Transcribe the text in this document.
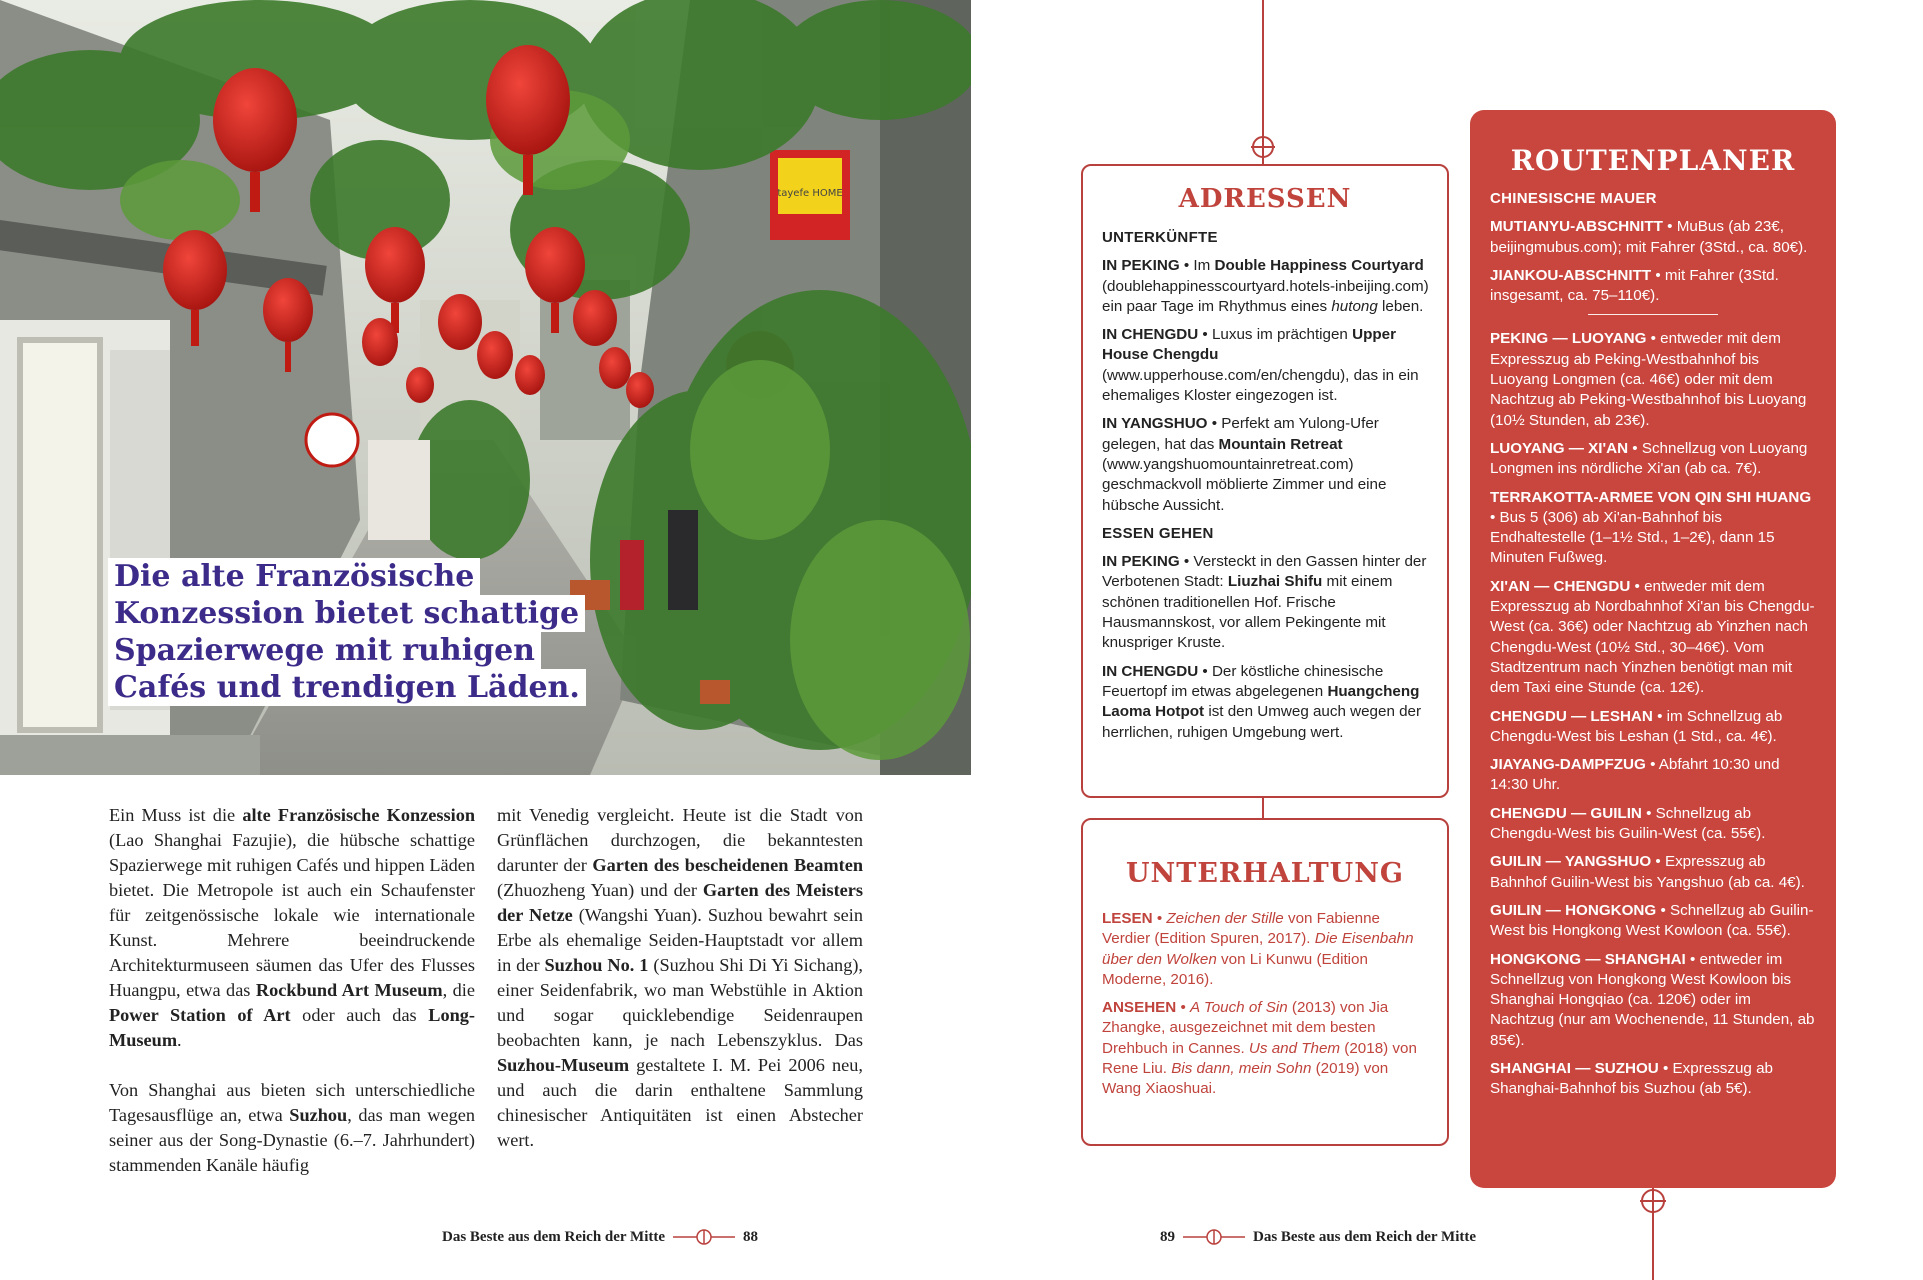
tayefe HOME
Die alte Französische
Konzession bietet schattige
Spazierwege mit ruhigen
Cafés und trendigen Läden.

Ein Muss ist die alte Französische Konzession (Lao Shanghai Fazujie), die hübsche schattige Spazierwege mit ruhigen Cafés und hippen Läden bietet. Die Metropole ist auch ein Schaufenster für zeitgenössische lokale wie internationale Kunst. Mehrere beeindruckende Architekturmuseen säumen das Ufer des Flusses Huangpu, etwa das Rockbund Art Museum, die Power Station of Art oder auch das Long-Museum.

Von Shanghai aus bieten sich unterschiedliche Tagesausflüge an, etwa Suzhou, das man wegen seiner aus der Song-Dynastie (6.–7. Jahrhundert) stammenden Kanäle häufig

mit Venedig vergleicht. Heute ist die Stadt von Grünflächen durchzogen, die bekanntesten darunter der Garten des bescheidenen Beamten (Zhuozheng Yuan) und der Garten des Meisters der Netze (Wangshi Yuan). Suzhou bewahrt sein Erbe als ehemalige Seiden-Hauptstadt vor allem in der Suzhou No. 1 (Suzhou Shi Di Yi Sichang), einer Seidenfabrik, wo man Webstühle in Aktion und sogar quicklebendige Seidenraupen beobachten kann, je nach Lebenszyklus. Das Suzhou-Museum gestaltete I. M. Pei 2006 neu, und auch die darin enthaltene Sammlung chinesischer Antiquitäten ist einen Abstecher wert.

Das Beste aus dem Reich der Mitte	88	89	Das Beste aus dem Reich der Mitte
ADRESSEN
UNTERKÜNFTE
IN PEKING • Im Double Happiness Courtyard (doublehappinesscourtyard.hotels-inbeijing.com) ein paar Tage im Rhythmus eines hutong leben.
IN CHENGDU • Luxus im prächtigen Upper House Chengdu (www.upperhouse.com/en/chengdu), das in ein ehemaliges Kloster eingezogen ist.
IN YANGSHUO • Perfekt am Yulong-Ufer gelegen, hat das Mountain Retreat (www.yangshuomountainretreat.com) geschmackvoll möblierte Zimmer und eine hübsche Aussicht.
ESSEN GEHEN
IN PEKING • Versteckt in den Gassen hinter der Verbotenen Stadt: Liuzhai Shifu mit einem schönen traditionellen Hof. Frische Hausmannskost, vor allem Pekingente mit knuspriger Kruste.
IN CHENGDU • Der köstliche chinesische Feuertopf im etwas abgelegenen Huangcheng Laoma Hotpot ist den Umweg auch wegen der herrlichen, ruhigen Umgebung wert.
UNTERHALTUNG
LESEN • Zeichen der Stille von Fabienne Verdier (Edition Spuren, 2017). Die Eisenbahn über den Wolken von Li Kunwu (Edition Moderne, 2016).
ANSEHEN • A Touch of Sin (2013) von Jia Zhangke, ausgezeichnet mit dem besten Drehbuch in Cannes. Us and Them (2018) von Rene Liu. Bis dann, mein Sohn (2019) von Wang Xiaoshuai.
ROUTENPLANER
CHINESISCHE MAUER
MUTIANYU-ABSCHNITT • MuBus (ab 23€, beijingmubus.com); mit Fahrer (3Std., ca. 80€).
JIANKOU-ABSCHNITT • mit Fahrer (3Std. insgesamt, ca. 75–110€).
PEKING — LUOYANG • entweder mit dem Expresszug ab Peking-Westbahnhof bis Luoyang Longmen (ca. 46€) oder mit dem Nachtzug ab Peking-Westbahnhof bis Luoyang (10½ Stunden, ab 23€).
LUOYANG — XI'AN • Schnellzug von Luoyang Longmen ins nördliche Xi'an (ab ca. 7€).
TERRAKOTTA-ARMEE VON QIN SHI HUANG • Bus 5 (306) ab Xi'an-Bahnhof bis Endhaltestelle (1–1½ Std., 1–2€), dann 15 Minuten Fußweg.
XI'AN — CHENGDU • entweder mit dem Expresszug ab Nordbahnhof Xi'an bis Chengdu-West (ca. 36€) oder Nachtzug ab Yinzhen nach Chengdu-West (10½ Std., 30–46€). Vom Stadtzentrum nach Yinzhen benötigt man mit dem Taxi eine Stunde (ca. 12€).
CHENGDU — LESHAN • im Schnellzug ab Chengdu-West bis Leshan (1 Std., ca. 4€).
JIAYANG-DAMPFZUG • Abfahrt 10:30 und 14:30 Uhr.
CHENGDU — GUILIN • Schnellzug ab Chengdu-West bis Guilin-West (ca. 55€).
GUILIN — YANGSHUO • Expresszug ab Bahnhof Guilin-West bis Yangshuo (ab ca. 4€).
GUILIN — HONGKONG • Schnellzug ab Guilin-West bis Hongkong West Kowloon (ca. 55€).
HONGKONG — SHANGHAI • entweder im Schnellzug von Hongkong West Kowloon bis Shanghai Hongqiao (ca. 120€) oder im Nachtzug (nur am Wochenende, 11 Stunden, ab 85€).
SHANGHAI — SUZHOU • Expresszug ab Shanghai-Bahnhof bis Suzhou (ab 5€).
